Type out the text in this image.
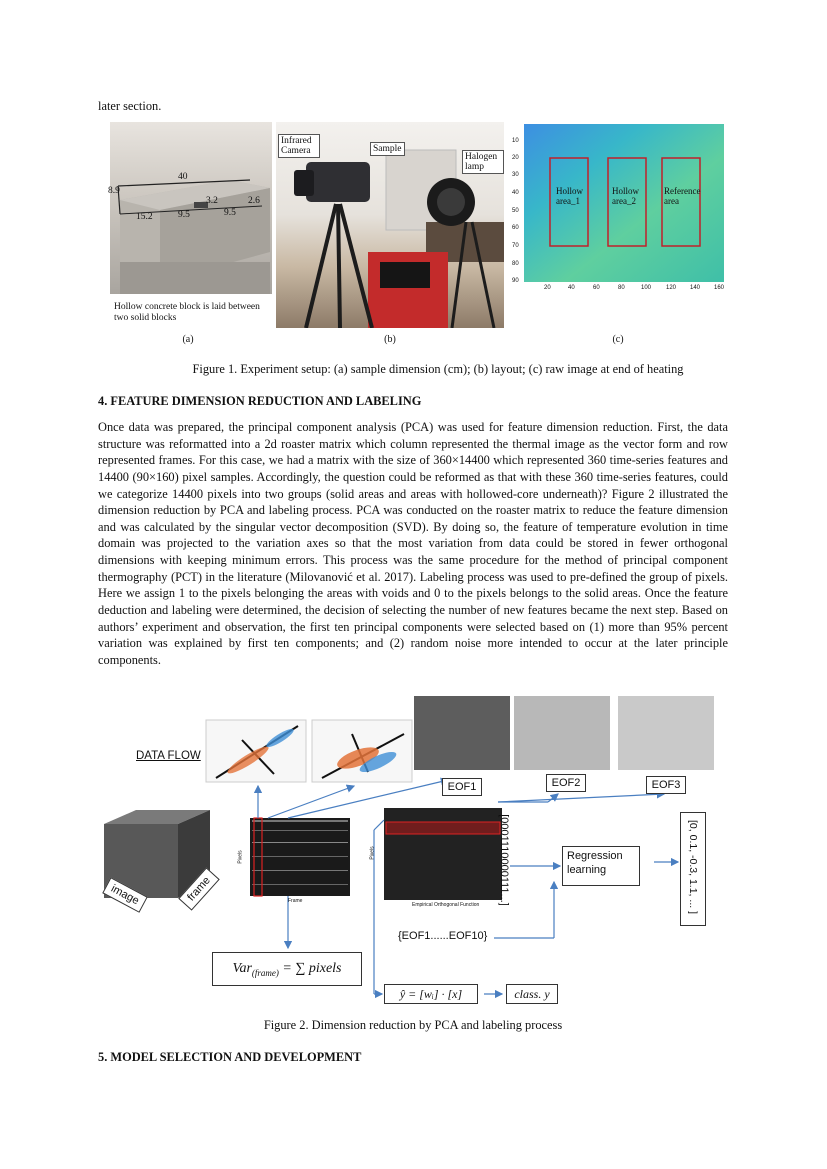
later section.
40
8.9
3.2	2.6
15.2	9.5	9.5
Hollow concrete block is laid between two solid blocks
(a)
Infrared Camera	Sample
Halogen lamp
(b)
Hollow area_1
Hollow area_2
Reference area
10
20
30
40
50
60
70
80
90
20	40	60	80	100 120 140 160
(c)
Figure 1. Experiment setup: (a) sample dimension (cm); (b) layout; (c) raw image at end of heating
4. FEATURE DIMENSION REDUCTION AND LABELING
Once data was prepared, the principal component analysis (PCA) was used for feature dimension reduction. First, the data structure was reformatted into a 2d roaster matrix which column represented the thermal image as the vector form and row represented frames. For this case, we had a matrix with the size of 360×14400 which represented 360 time-series features and 14400 (90×160) pixel samples. Accordingly, the question could be reformed as that with these 360 time-series features, could we categorize 14400 pixels into two groups (solid areas and areas with hollowed-core underneath)? Figure 2 illustrated the dimension reduction by PCA and labeling process. PCA was conducted on the roaster matrix to reduce the feature dimension and was calculated by the singular vector decomposition (SVD). By doing so, the feature of temperature evolution in time domain was projected to the variation axes so that the most variation from data could be stored in fewer orthogonal dimensions with keeping minimum errors. This process was the same procedure for the method of principal component thermography (PCT) in the literature (Milovanović et al. 2017). Labeling process was used to pre-defined the group of pixels. Here we assign 1 to the pixels belonging the areas with voids and 0 to the pixels belongs to the solid areas. Once the feature deduction and labeling were determined, the decision of selecting the number of new features became the next step. Based on authors’ experiment and observation, the first ten principal components were selected based on (1) more than 95% percent variation was explained by first ten components; and (2) random noise more intended to occur at the later principle components.
DATA FLOW
EOF1	EOF2	EOF3
image	frame	Frame
Pixels
Empirical Orthogonal Function
Pixels	[0001110000111...]	Regression learning	[0, 0.1, -0.3, 1.1, ... ]
{EOF1......EOF10}
Var$_{(frame)}$ = ∑ pixels
ŷ = [wᵢ] · [x]	class. y
Figure 2. Dimension reduction by PCA and labeling process
5. MODEL SELECTION AND DEVELOPMENT
